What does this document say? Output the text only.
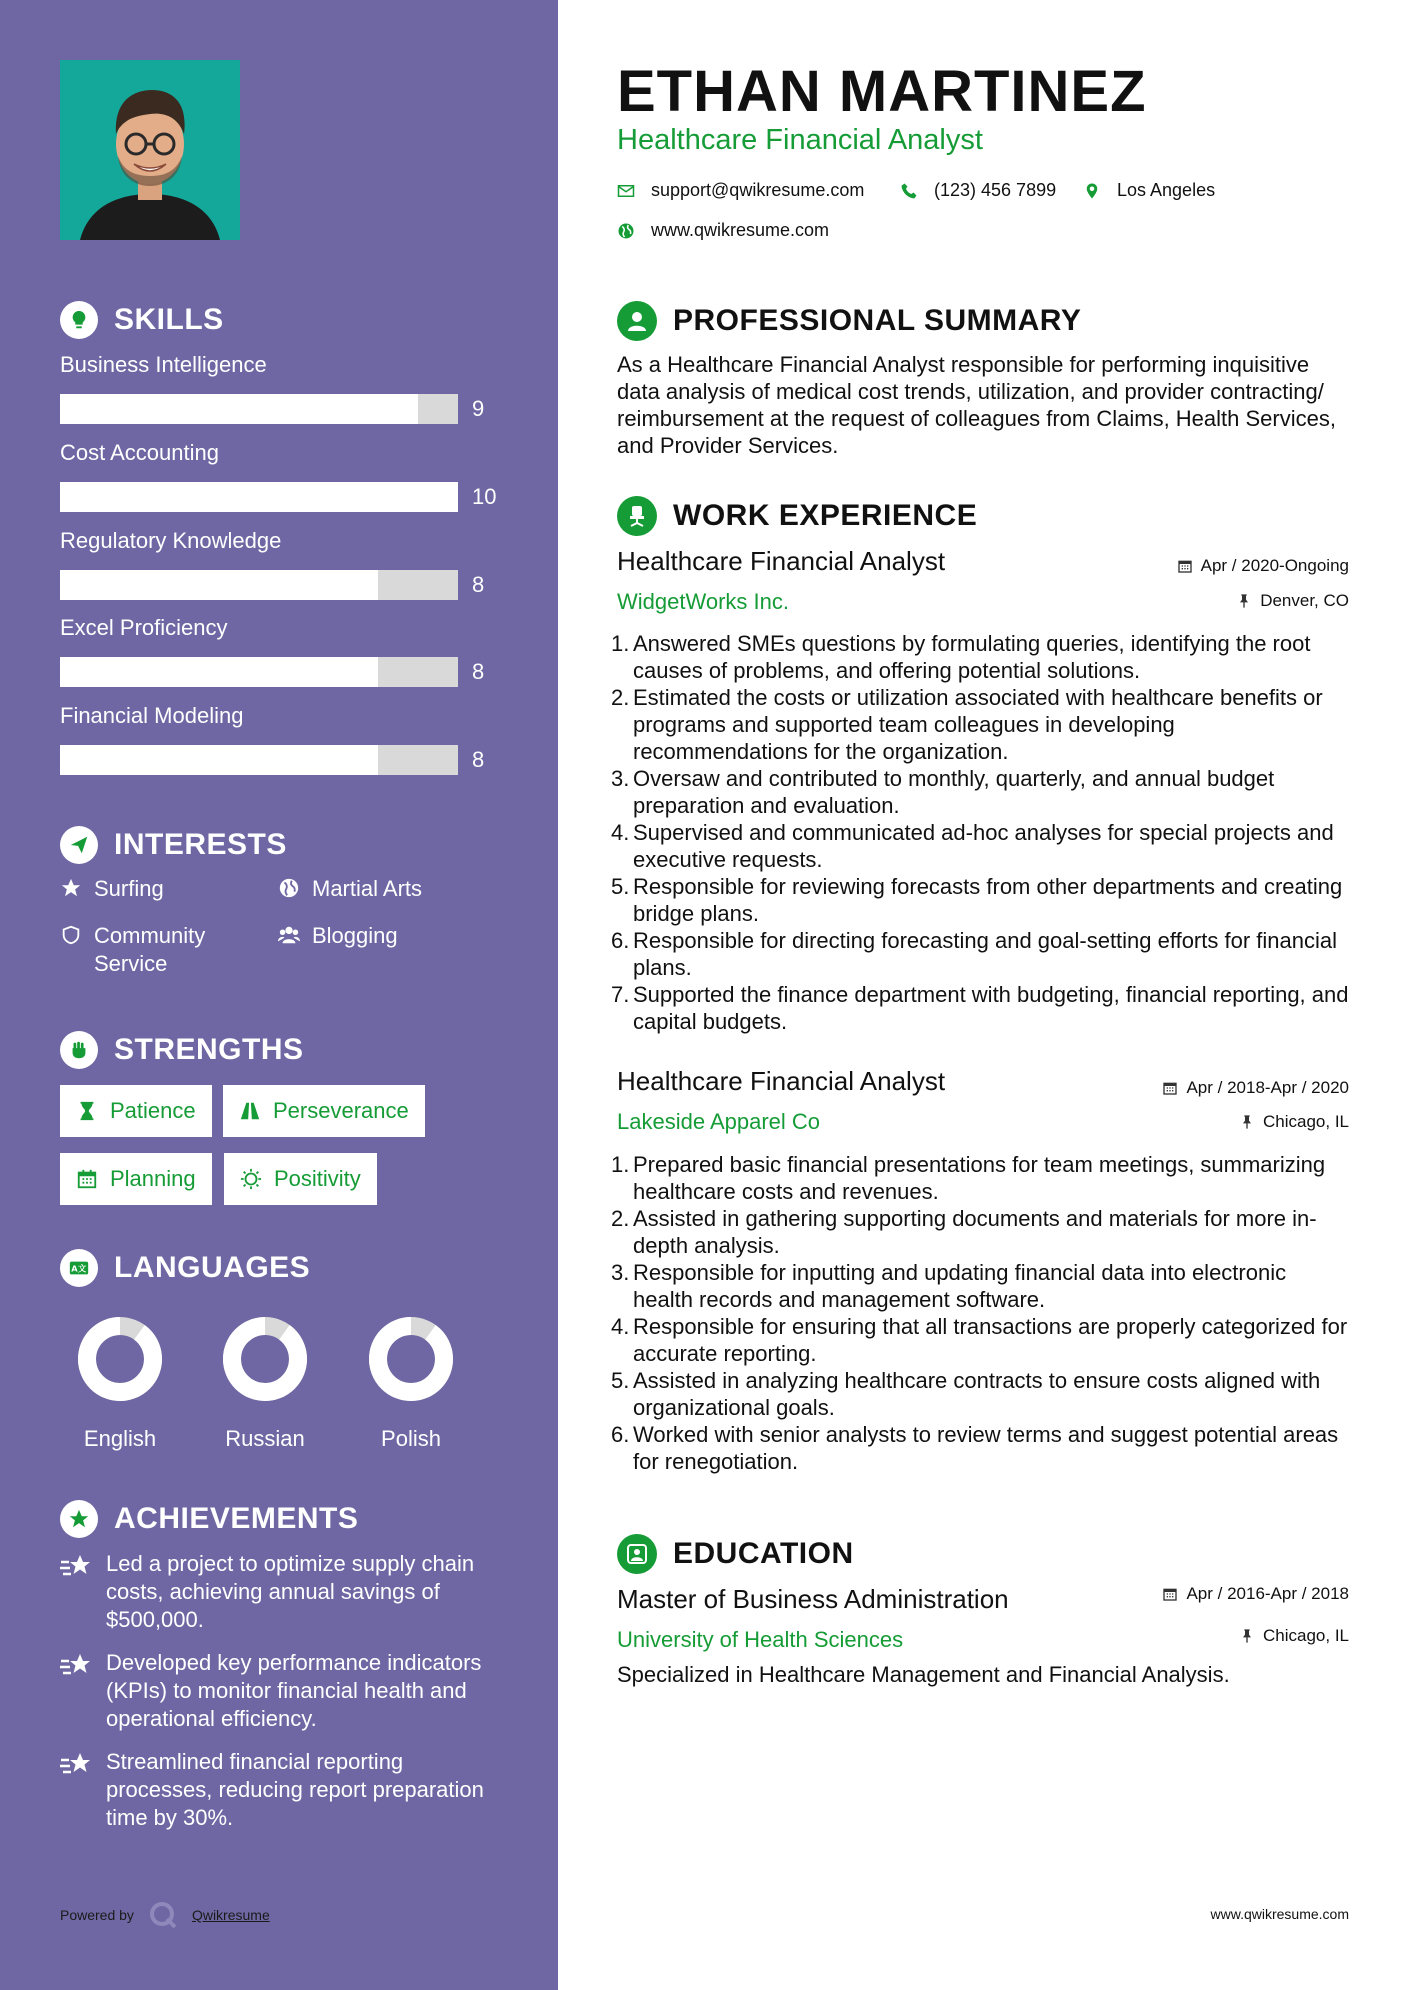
SKILLS
Business Intelligence
9
Cost Accounting
10
Regulatory Knowledge
8
Excel Proficiency
8
Financial Modeling
8
INTERESTS
Surfing	Martial Arts
Community Service
Blogging
STRENGTHS
Patience	Perseverance
Planning	Positivity
A文 LANGUAGES
English	Russian	Polish
ACHIEVEMENTS
Led a project to optimize supply chain costs, achieving annual savings of $500,000.
Developed key performance indicators (KPIs) to monitor financial health and operational efficiency.
Streamlined financial reporting processes, reducing report preparation time by 30%.
Powered by	Qwikresume
ETHAN MARTINEZ
Healthcare Financial Analyst
support@qwikresume.com	(123) 456 7899	Los Angeles
www.qwikresume.com
PROFESSIONAL SUMMARY
As a Healthcare Financial Analyst responsible for performing inquisitive data analysis of medical cost trends, utilization, and provider contracting/ reimbursement at the request of colleagues from Claims, Health Services, and Provider Services.
WORK EXPERIENCE
Healthcare Financial Analyst
WidgetWorks Inc.
Apr / 2020-Ongoing
Denver, CO
1. Answered SMEs questions by formulating queries, identifying the root causes of problems, and offering potential solutions.
2. Estimated the costs or utilization associated with healthcare benefits or programs and supported team colleagues in developing recommendations for the organization.
3. Oversaw and contributed to monthly, quarterly, and annual budget preparation and evaluation.
4. Supervised and communicated ad-hoc analyses for special projects and executive requests.
5. Responsible for reviewing forecasts from other departments and creating bridge plans.
6. Responsible for directing forecasting and goal-setting efforts for financial plans.
7. Supported the finance department with budgeting, financial reporting, and capital budgets.
Healthcare Financial Analyst
Lakeside Apparel Co
Apr / 2018-Apr / 2020
Chicago, IL
1. Prepared basic financial presentations for team meetings, summarizing healthcare costs and revenues.
2. Assisted in gathering supporting documents and materials for more in-depth analysis.
3. Responsible for inputting and updating financial data into electronic health records and management software.
4. Responsible for ensuring that all transactions are properly categorized for accurate reporting.
5. Assisted in analyzing healthcare contracts to ensure costs aligned with organizational goals.
6. Worked with senior analysts to review terms and suggest potential areas for renegotiation.
EDUCATION
Master of Business Administration
University of Health Sciences
Apr / 2016-Apr / 2018
Chicago, IL
Specialized in Healthcare Management and Financial Analysis.
www.qwikresume.com
